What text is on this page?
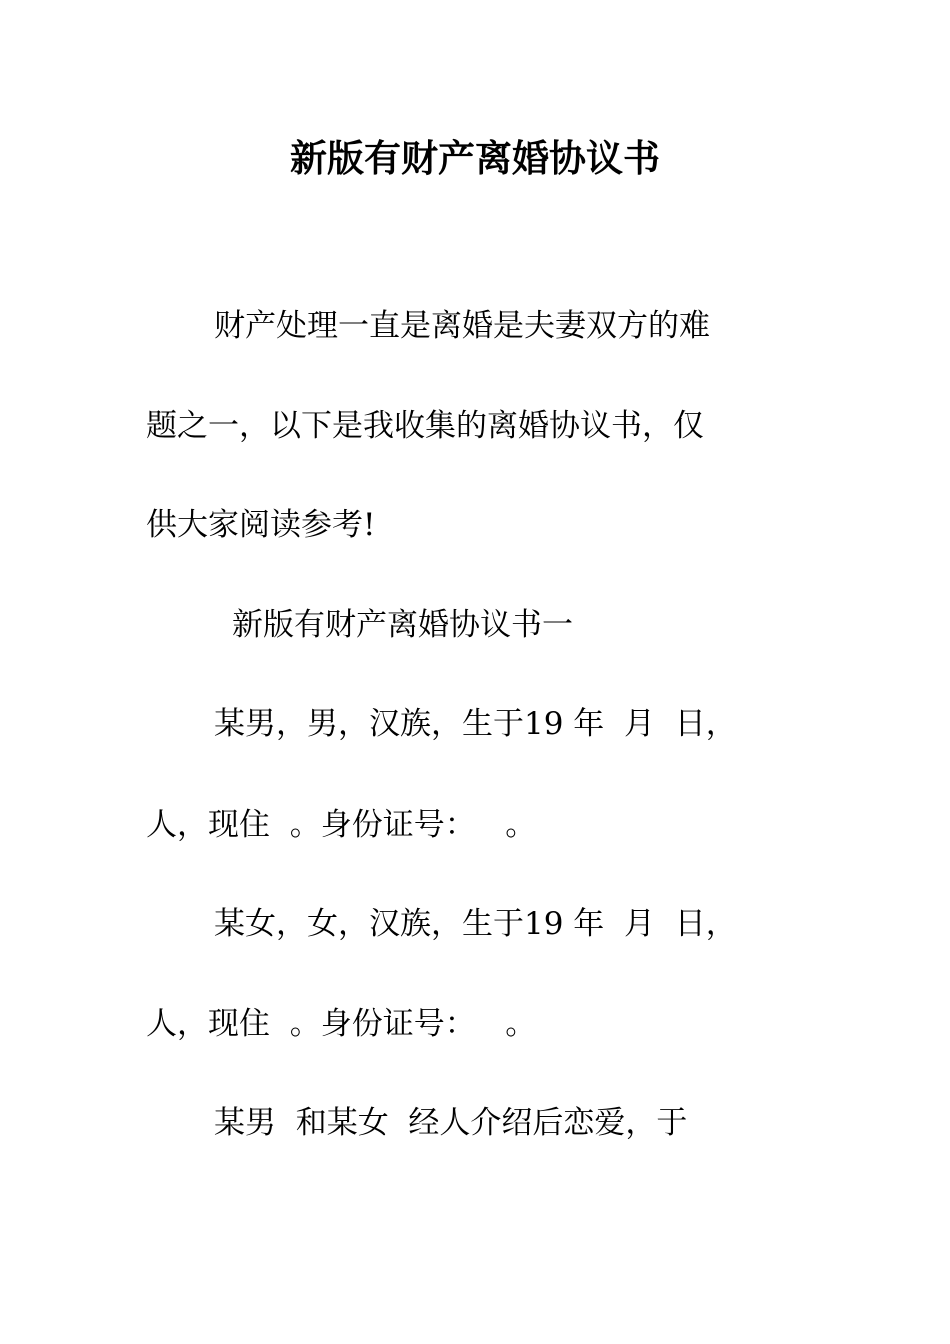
新版有财产离婚协议书
财产处理一直是离婚是夫妻双方的难
题之一，以下是我收集的离婚协议书，仅
供大家阅读参考!
新版有财产离婚协议书一
某男，男，汉族，生于19 年  月  日，
人，现住  。身份证号：   。
某女，女，汉族，生于19 年  月  日，
人，现住  。身份证号：   。
某男  和某女  经人介绍后恋爱，于
